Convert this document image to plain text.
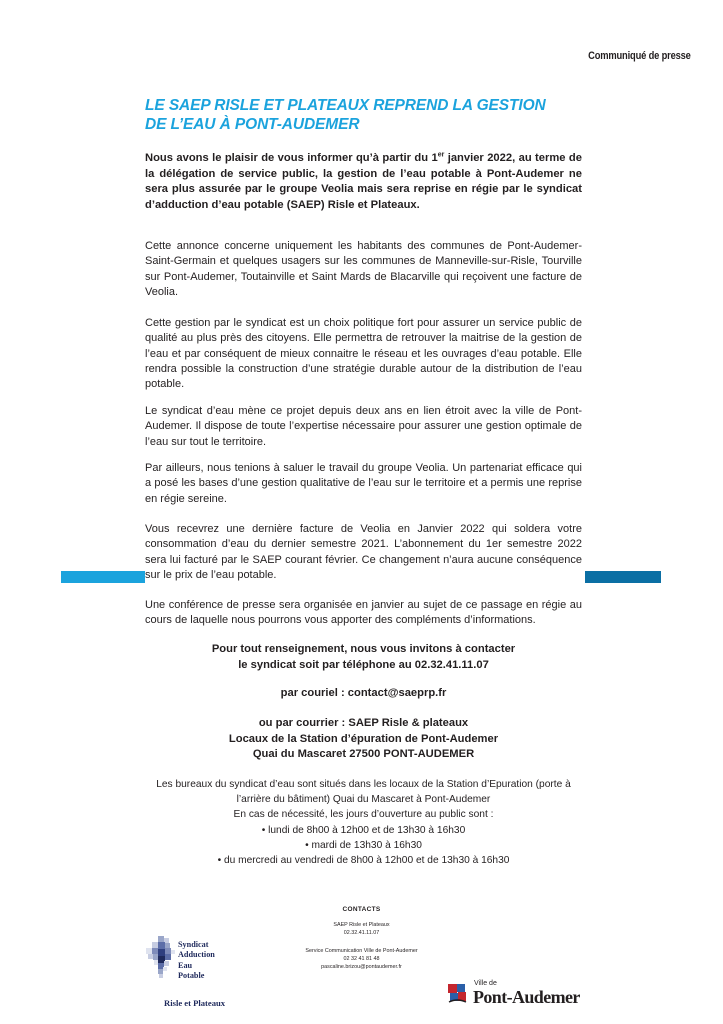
Communiqué de presse
LE SAEP RISLE ET PLATEAUX REPREND LA GESTION
DE L’EAU À PONT-AUDEMER
Nous avons le plaisir de vous informer qu’à partir du 1er janvier 2022, au terme de la délégation de service public, la gestion de l’eau potable à Pont-Audemer ne sera plus assurée par le groupe Veolia mais sera reprise en régie par le syndicat d’adduction d’eau potable (SAEP) Risle et Plateaux.
Cette annonce concerne uniquement les habitants des communes de Pont-Audemer-Saint-Germain et quelques usagers sur les communes de Manneville-sur-Risle, Tourville sur Pont-Audemer, Toutainville et Saint Mards de Blacarville qui reçoivent une facture de Veolia.
Cette gestion par le syndicat est un choix politique fort pour assurer un service public de qualité au plus près des citoyens. Elle permettra de retrouver la maitrise de la gestion de l’eau et par conséquent de mieux connaitre le réseau et les ouvrages d’eau potable. Elle rendra possible la construction d’une stratégie durable autour de la distribution de l’eau potable.
Le syndicat d’eau mène ce projet depuis deux ans en lien étroit avec la ville de Pont-Audemer. Il dispose de toute l’expertise nécessaire pour assurer une gestion optimale de l’eau sur tout le territoire.
Par ailleurs, nous tenions à saluer le travail du groupe Veolia. Un partenariat efficace qui a posé les bases d’une gestion qualitative de l’eau sur le territoire et a permis une reprise en régie sereine.
Vous recevrez une dernière facture de Veolia en Janvier 2022 qui soldera votre consommation d’eau du dernier semestre 2021. L’abonnement du 1er semestre 2022 sera lui facturé par le SAEP courant février. Ce changement n’aura aucune conséquence sur le prix de l’eau potable.
Une conférence de presse sera organisée en janvier au sujet de ce passage en régie au cours de laquelle nous pourrons vous apporter des compléments d’informations.
Pour tout renseignement, nous vous invitons à contacter
le syndicat soit par téléphone au 02.32.41.11.07
par couriel : contact@saeprp.fr
ou par courrier : SAEP Risle & plateaux
Locaux de la Station d’épuration de Pont-Audemer
Quai du Mascaret 27500 PONT-AUDEMER
Les bureaux du syndicat d’eau sont situés dans les locaux de la Station d’Epuration (porte à
l’arrière du bâtiment) Quai du Mascaret à Pont-Audemer
En cas de nécessité, les jours d’ouverture au public sont :
• lundi de 8h00 à 12h00 et de 13h30 à 16h30
• mardi de 13h30 à 16h30
• du mercredi au vendredi de 8h00 à 12h00 et de 13h30 à 16h30
CONTACTS
SAEP Risle et Plateaux
02.32.41.11.07
Service Communication Ville de Pont-Audemer
02 32 41 81 48
pascaline.brizou@pontaudemer.fr
Syndicat
Adduction
Eau
Potable
Risle et Plateaux
Ville de
Pont-Audemer
